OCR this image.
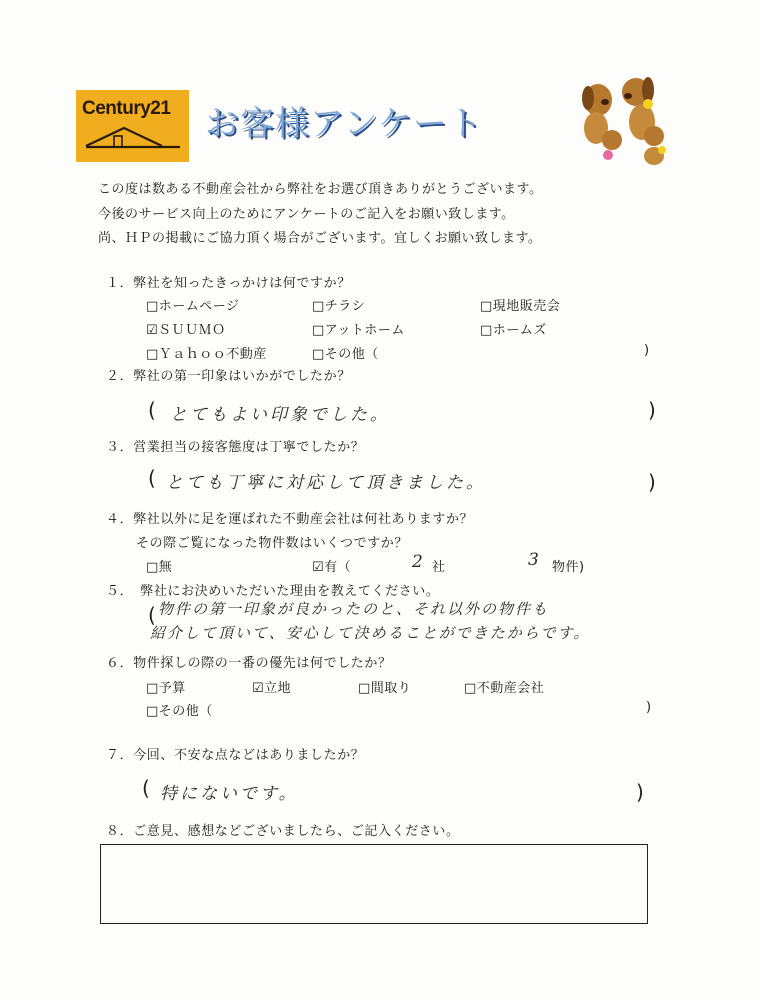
Century21 お客様アンケート
この度は数ある不動産会社から弊社をお選び頂きありがとうございます。
今後のサービス向上のためにアンケートのご記入をお願い致します。
尚、ＨＰの掲載にご協力頂く場合がございます。宜しくお願い致します。
１．弊社を知ったきっかけは何ですか？
□ホームページ	□チラシ	□現地販売会
☑ＳＵＵＭＯ	□アットホーム	□ホームズ
□Ｙａｈｏｏ不動産	□その他（	)
２．弊社の第一印象はいかがでしたか？
( とてもよい印象でした。	)
３．営業担当の接客態度は丁寧でしたか？
( とても丁寧に対応して頂きました。	)
４．弊社以外に足を運ばれた不動産会社は何社ありますか？
その際ご覧になった物件数はいくつですか？
□無	☑有（	2 社	3 物件)
５．　弊社にお決めいただいた理由を教えてください。
( 物件の第一印象が良かったのと、それ以外の物件も
紹介して頂いて、安心して決めることができたからです。
６．物件探しの際の一番の優先は何でしたか？
□予算	☑立地	□間取り	□不動産会社
□その他（	)
７．今回、不安な点などはありましたか？
( 特にないです。	)
８．ご意見、感想などございましたら、ご記入ください。
